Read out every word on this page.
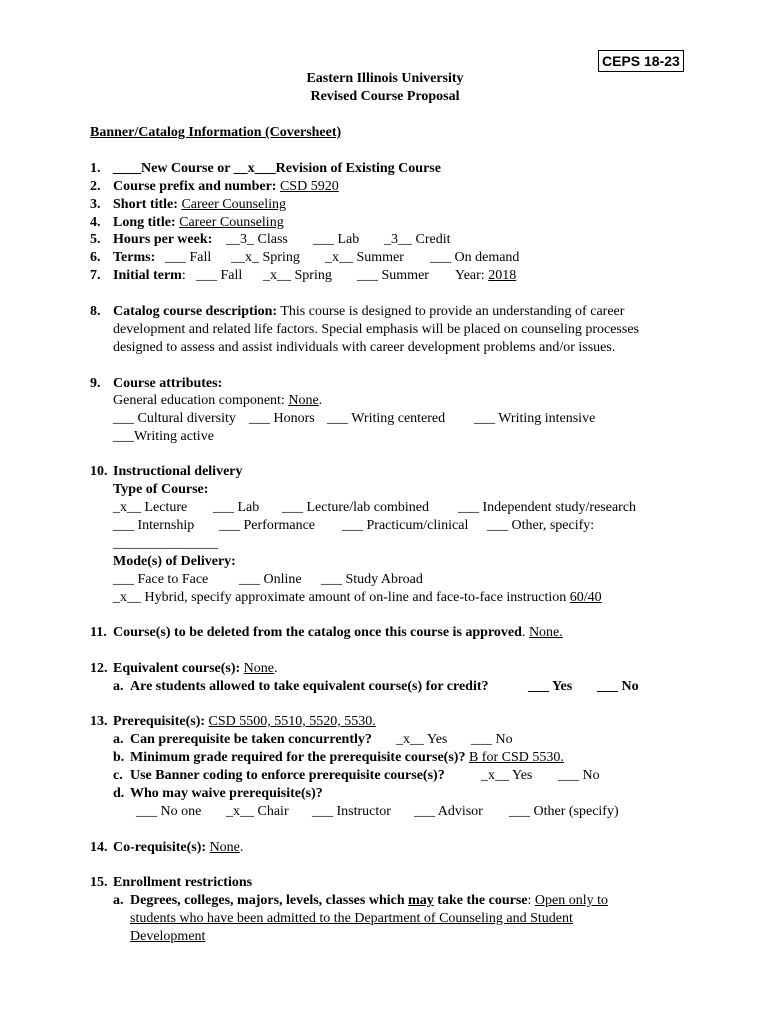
CEPS 18-23
Eastern Illinois University
Revised Course Proposal
Banner/Catalog Information (Coversheet)
1. ____New Course or __x___Revision of Existing Course
2. Course prefix and number: CSD 5920
3. Short title: Career Counseling
4. Long title: Career Counseling
5. Hours per week: __3_ Class ___ Lab _3__ Credit
6. Terms: ___ Fall __x_ Spring _x__ Summer ___ On demand
7. Initial term: ___ Fall _x__ Spring ___ Summer Year: 2018
8. Catalog course description: This course is designed to provide an understanding of career
development and related life factors. Special emphasis will be placed on counseling processes
designed to assess and assist individuals with career development problems and/or issues.
9. Course attributes:
General education component: None.
___ Cultural diversity ___ Honors ___ Writing centered ___ Writing intensive
___Writing active
10. Instructional delivery
Type of Course:
_x__ Lecture ___ Lab ___ Lecture/lab combined ___ Independent study/research
___ Internship ___ Performance ___ Practicum/clinical ___ Other, specify:
_______________
Mode(s) of Delivery:
___ Face to Face ___ Online ___ Study Abroad
_x__ Hybrid, specify approximate amount of on-line and face-to-face instruction 60/40
11. Course(s) to be deleted from the catalog once this course is approved. None.
12. Equivalent course(s): None.
a. Are students allowed to take equivalent course(s) for credit?	___ Yes ___ No
13. Prerequisite(s): CSD 5500, 5510, 5520, 5530.
a. Can prerequisite be taken concurrently? _x__ Yes ___ No
b. Minimum grade required for the prerequisite course(s)? B for CSD 5530.
c. Use Banner coding to enforce prerequisite course(s)?	_x__ Yes ___ No
d. Who may waive prerequisite(s)?
___ No one _x__ Chair ___ Instructor ___ Advisor ___ Other (specify)
14. Co-requisite(s): None.
15. Enrollment restrictions
a. Degrees, colleges, majors, levels, classes which may take the course: Open only to
students who have been admitted to the Department of Counseling and Student
Development
